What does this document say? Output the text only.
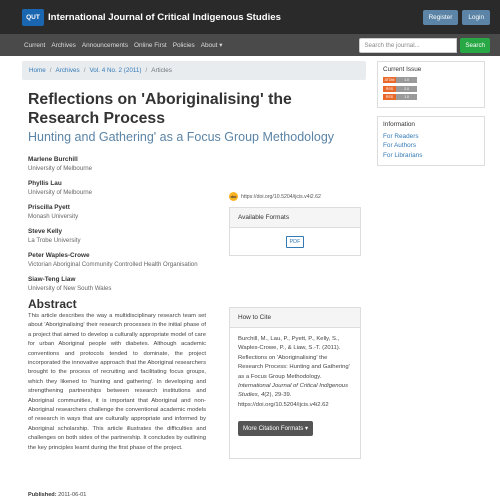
QUT International Journal of Critical Indigenous Studies	Register	Login
Current Archives Announcements Online First Policies About ▾
Search the journal...	Search
Home / Archives / Vol. 4 No. 2 (2011) / Articles
Reflections on 'Aboriginalising' the Research Process
Hunting and Gathering' as a Focus Group Methodology
Marlene Burchill
University of Melbourne
Phyllis Lau
University of Melbourne
Priscilla Pyett
Monash University
Steve Kelly
La Trobe University
Peter Waples-Crowe
Victorian Aboriginal Community Controlled Health Organisation
Siaw-Teng Liaw
University of New South Wales
Abstract

This article describes the way a multidisciplinary research team set about 'Aboriginalising' their research processes in the initial phase of a project that aimed to develop a culturally appropriate model of care for urban Aboriginal people with diabetes. Although academic conventions and protocols tended to dominate, the project incorporated the innovative approach that the Aboriginal researchers brought to the process of recruiting and facilitating focus groups, which they likened to 'hunting and gathering'. In developing and strengthening partnerships between research institutions and Aboriginal communities, it is important that Aboriginal and non-Aboriginal researchers challenge the conventional academic models of research in ways that are culturally appropriate and informed by Aboriginal scholarship. This article illustrates the difficulties and challenges on both sides of the partnership. It concludes by outlining the key principles learnt during the first phase of the project.

Published: 2011-06-01
doi https://doi.org/10.5204/ijcis.v4i2.62
Available Formats
PDF
How to Cite
Burchill, M., Lau, P., Pyett, P., Kelly, S., Waples-Crowe, P., & Liaw, S.-T. (2011). Reflections on 'Aboriginalising' the Research Process: Hunting and Gathering' as a Focus Group Methodology. International Journal of Critical Indigenous Studies, 4(2), 29-39. https://doi.org/10.5204/ijcis.v4i2.62
More Citation Formats ▾
Current Issue
ATOM	1.0
RSS	2.0
RSS	1.0
Information
For Readers
For Authors
For Librarians
